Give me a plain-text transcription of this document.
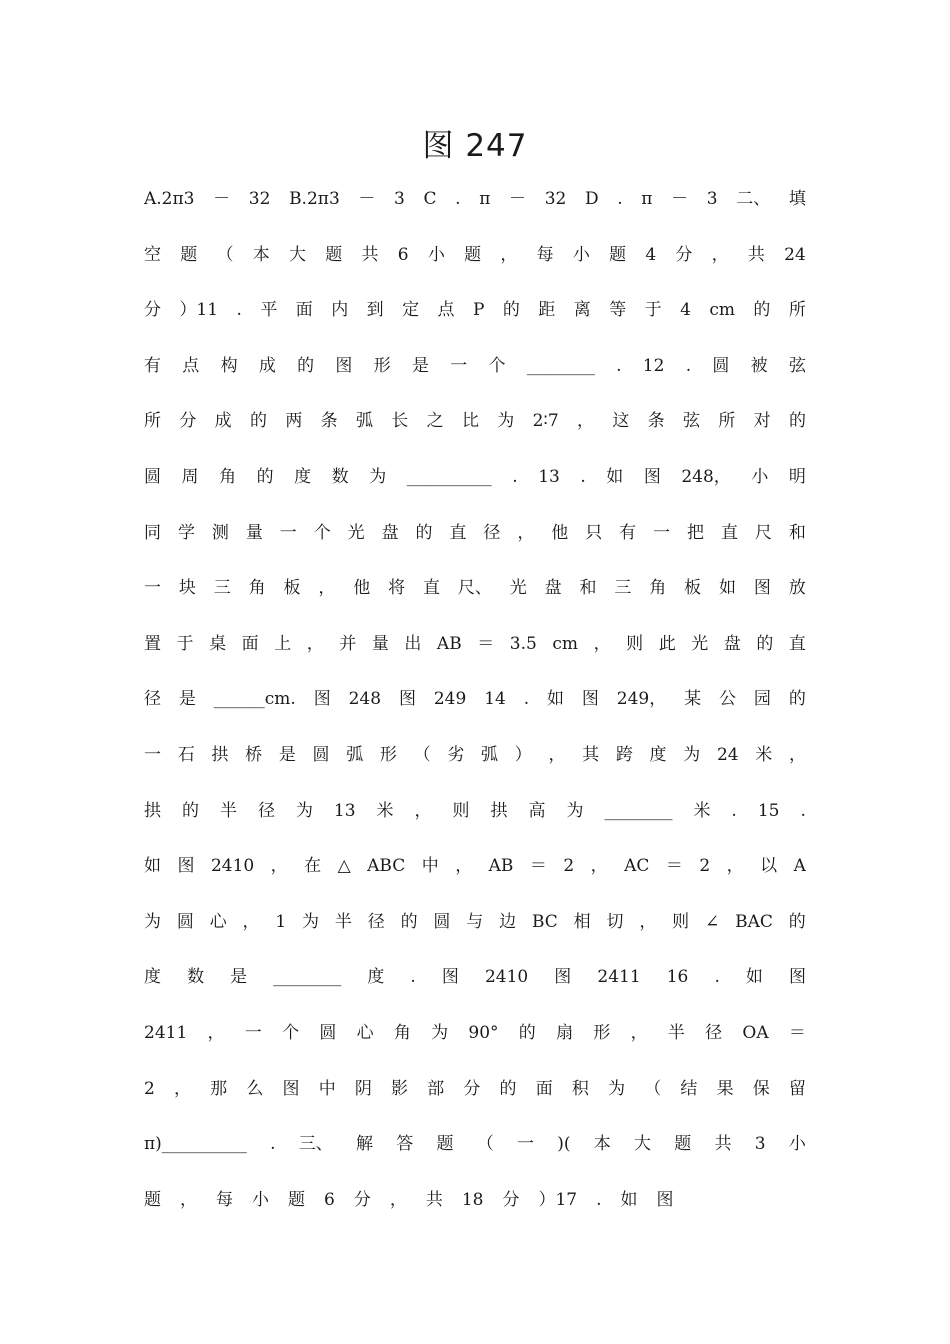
图 247
A.2π3 － 32 B.2π3 － 3 C . π － 32 D . π － 3 二、 填
空 题 （ 本 大 题 共 6 小 题 ， 每 小 题 4 分 ， 共 24
分 ）11 . 平 面 内 到 定 点 P 的 距 离 等 于 4 cm 的 所
有 点 构 成 的 图 形 是 一 个 ________ . 12 . 圆 被 弦
所 分 成 的 两 条 弧 长 之 比 为 2∶7 ， 这 条 弦 所 对 的
圆 周 角 的 度 数 为 __________ . 13 . 如 图 248， 小 明
同 学 测 量 一 个 光 盘 的 直 径 ， 他 只 有 一 把 直 尺 和
一 块 三 角 板 ， 他 将 直 尺、 光 盘 和 三 角 板 如 图 放
置 于 桌 面 上 ， 并 量 出 AB ＝ 3.5 cm ， 则 此 光 盘 的 直
径 是 ______cm. 图 248 图 249 14 . 如 图 249， 某 公 园 的
一 石 拱 桥 是 圆 弧 形 （ 劣 弧 ） ， 其 跨 度 为 24 米 ，
拱 的 半 径 为 13 米 ， 则 拱 高 为 ________ 米 . 15 .
如 图 2410 ， 在 △ ABC 中 ， AB ＝ 2 ， AC ＝ 2 ， 以 A
为 圆 心 ， 1 为 半 径 的 圆 与 边 BC 相 切 ， 则 ∠ BAC 的
度 数 是 ________ 度 . 图 2410 图 2411 16 . 如 图
2411 ， 一 个 圆 心 角 为 90° 的 扇 形 ， 半 径 OA ＝
2 ， 那 么 图 中 阴 影 部 分 的 面 积 为 （ 结 果 保 留
π)__________ . 三、 解 答 题 （ 一 )( 本 大 题 共 3 小
题 ， 每 小 题 6 分 ， 共 18 分 ）17 . 如 图
